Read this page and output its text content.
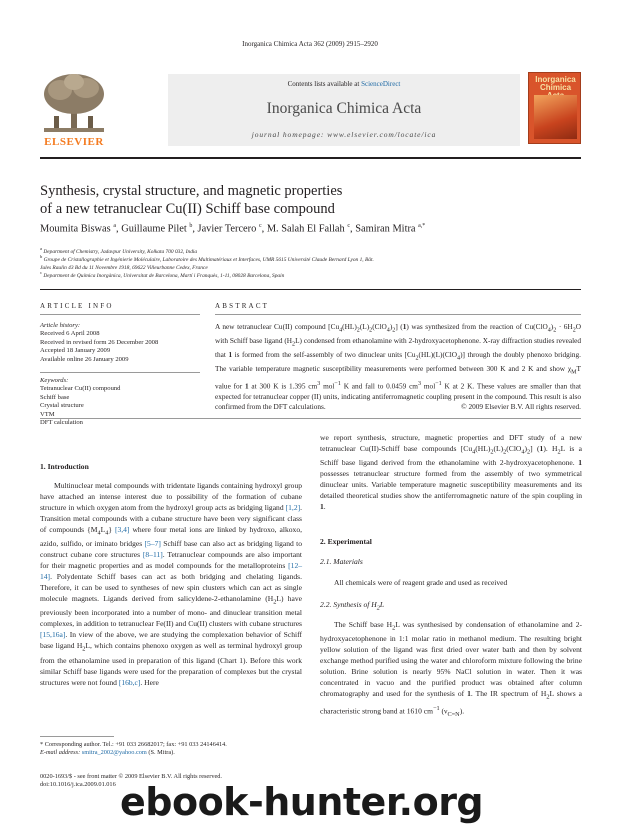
Inorganica Chimica Acta 362 (2009) 2915–2920
ELSEVIER
Contents lists available at ScienceDirect
Inorganica Chimica Acta
journal homepage: www.elsevier.com/locate/ica
Inorganica Chimica
Synthesis, crystal structure, and magnetic properties
of a new tetranuclear Cu(II) Schiff base compound
Moumita Biswas $^a$, Guillaume Pilet $^b$, Javier Tercero $^c$, M. Salah El Fallah $^c$, Samiran Mitra $^{a,*}$
$^a$ Department of Chemistry, Jadavpur University, Kolkata 700 032, India
$^b$ Groupe de Cristallographie et Ingénierie Moléculaire, Laboratoire des Multimatériaux et Interfaces, UMR 5615 Université Claude Bernard Lyon 1, Bât.
Jules Raulin 43 Bd du 11 Novembre 1918, 69622 Villeurbanne Cedex, France
$^c$ Department de Química Inorgànica, Universitat de Barcelona, Martí i Franquès, 1-11, 08028 Barcelona, Spain
ARTICLE INFO	ABSTRACT
Article history:
Received 6 April 2008
Received in revised form 26 December 2008
Accepted 18 January 2009
Available online 26 January 2009
Keywords:
Tetranuclear Cu(II) compound
Schiff base
Crystal structure
VTM
DFT calculation
A new tetranuclear Cu(II) compound $[Cu_4(HL)_2(L)_2(ClO_4)_2]$ (1) was synthesized from the reaction of $Cu(ClO_4)_2 \cdot 6H_2O$ with Schiff base ligand $(H_2L)$ condensed from ethanolamine with 2-hydroxyacetophenone. X-ray diffraction studies revealed that 1 is formed from the self-assembly of two dinuclear units $[Cu_2(HL)(L)(ClO_4)]$ through the doubly phenoxo bridging. The variable temperature magnetic susceptibility measurements were performed between 300 K and 2 K and show $\chi_MT$ value for 1 at 300 K is 1.395 $cm^3$ mol$^{-1}$ K and fall to 0.0459 $cm^3$ mol$^{-1}$ K at 2 K. These values are smaller than that expected for tetranuclear copper (II) units, indicating antiferromagnetic coupling present in the compound. This result is also confirmed from the DFT calculations.	© 2009 Elsevier B.V. All rights reserved.
1. Introduction

Multinuclear metal compounds with tridentate ligands containing hydroxyl group have attached an intense interest due to possibility of the formation of cubane structure in which oxygen atom from the hydroxyl group acts as bridging ligand [1,2]. Transition metal compounds with a cubane structure have been very significant class of compounds $\{M_4L_4\}$ [3,4] where four metal ions are linked by hydroxo, alkoxo, azido, sulfido, or iminato bridges [5–7] Schiff base can also act as bridging ligand to construct cubane core structures [8–11]. Tetranuclear compounds are also important for their magnetic properties and as model compounds for the metalloproteins [12–14]. Polydentate Schiff bases can act as both bridging and chelating ligands. Therefore, it can be used to syntheses of new spin clusters which can act as single molecule magnets. Ligands derived from salicyldene-2-ethanolamine $(H_2L)$ have previously been incorporated into a number of mono- and dinuclear transition metal complexes, in addition to tetranuclear Fe(II) and Cu(II) clusters with cubane structures [15,16a]. In view of the above, we are studying the complexation behavior of Schiff base ligand $H_2L$, which contains phenoxo oxygen as well as terminal hydroxyl group from the ethanolamine used in preparation of this ligand (Chart 1). Before this work similar Schiff base ligands were used for the preparation of complexes but the crystal structures were not found [16b,c]. Here

* Corresponding author. Tel.: +91 033 26682017; fax: +91 033 24146414.
E-mail address: smitra_2002@yahoo.com (S. Mitra).
0020-1693/$ - see front matter © 2009 Elsevier B.V. All rights reserved.
doi:10.1016/j.ica.2009.01.016

we report synthesis, structure, magnetic properties and DFT study of a new tetranuclear Cu(II)-Schiff base compounds $[Cu_4(HL)_2(L)_2(ClO_4)_2]$ (1). $H_2L$ is a Schiff base ligand derived from the ethanolamine with 2-hydroxyacetophenone. 1 possesses tetranuclear structure formed from the assembly of two symmetrical dinuclear units. Variable temperature magnetic susceptibility measurements and its detailed theoretical studies show the antiferromagnetic nature of the spin coupling in 1.

2. Experimental
2.1. Materials

All chemicals were of reagent grade and used as received

2.2. Synthesis of $H_2L$

The Schiff base $H_2L$ was synthesised by condensation of ethanolamine and 2-hydroxyacetophenone in 1:1 molar ratio in methanol medium. The resulting bright yellow solution of the ligand was first dried over water bath and then by solvent exchange method purified using the water and chloroform mixture following the brine solution. Brine solution is nearly 95% NaCl solution in water. Then it was concentrated in vacuo and the purified product was obtained after column chromatography and used for the synthesis of 1. The IR spectrum of $H_2L$ shows a characteristic strong band at 1610 $cm^{-1}$ $(\nu_{C=N})$.

ebook-hunter.org
